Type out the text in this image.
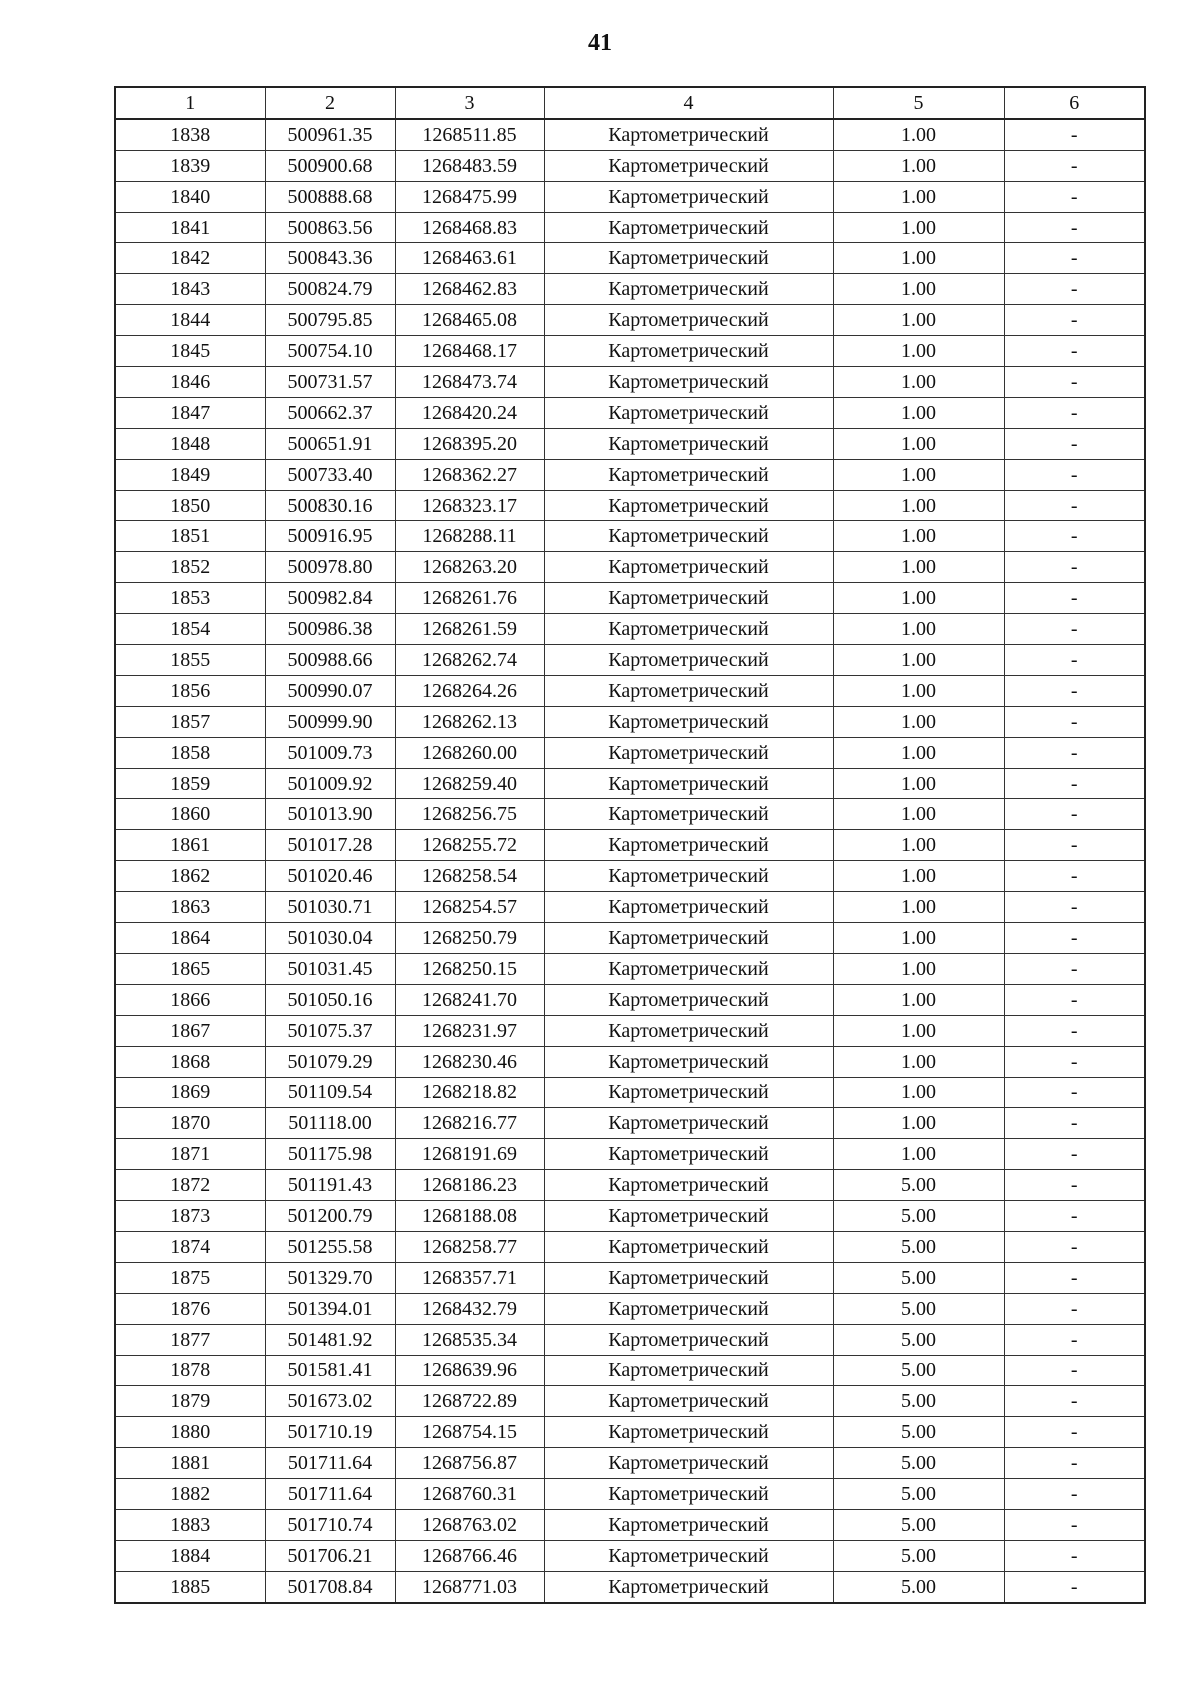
41
1	2	3	4	5	6
1838	500961.35	1268511.85	Картометрический	1.00	-
1839	500900.68	1268483.59	Картометрический	1.00	-
1840	500888.68	1268475.99	Картометрический	1.00	-
1841	500863.56	1268468.83	Картометрический	1.00	-
1842	500843.36	1268463.61	Картометрический	1.00	-
1843	500824.79	1268462.83	Картометрический	1.00	-
1844	500795.85	1268465.08	Картометрический	1.00	-
1845	500754.10	1268468.17	Картометрический	1.00	-
1846	500731.57	1268473.74	Картометрический	1.00	-
1847	500662.37	1268420.24	Картометрический	1.00	-
1848	500651.91	1268395.20	Картометрический	1.00	-
1849	500733.40	1268362.27	Картометрический	1.00	-
1850	500830.16	1268323.17	Картометрический	1.00	-
1851	500916.95	1268288.11	Картометрический	1.00	-
1852	500978.80	1268263.20	Картометрический	1.00	-
1853	500982.84	1268261.76	Картометрический	1.00	-
1854	500986.38	1268261.59	Картометрический	1.00	-
1855	500988.66	1268262.74	Картометрический	1.00	-
1856	500990.07	1268264.26	Картометрический	1.00	-
1857	500999.90	1268262.13	Картометрический	1.00	-
1858	501009.73	1268260.00	Картометрический	1.00	-
1859	501009.92	1268259.40	Картометрический	1.00	-
1860	501013.90	1268256.75	Картометрический	1.00	-
1861	501017.28	1268255.72	Картометрический	1.00	-
1862	501020.46	1268258.54	Картометрический	1.00	-
1863	501030.71	1268254.57	Картометрический	1.00	-
1864	501030.04	1268250.79	Картометрический	1.00	-
1865	501031.45	1268250.15	Картометрический	1.00	-
1866	501050.16	1268241.70	Картометрический	1.00	-
1867	501075.37	1268231.97	Картометрический	1.00	-
1868	501079.29	1268230.46	Картометрический	1.00	-
1869	501109.54	1268218.82	Картометрический	1.00	-
1870	501118.00	1268216.77	Картометрический	1.00	-
1871	501175.98	1268191.69	Картометрический	1.00	-
1872	501191.43	1268186.23	Картометрический	5.00	-
1873	501200.79	1268188.08	Картометрический	5.00	-
1874	501255.58	1268258.77	Картометрический	5.00	-
1875	501329.70	1268357.71	Картометрический	5.00	-
1876	501394.01	1268432.79	Картометрический	5.00	-
1877	501481.92	1268535.34	Картометрический	5.00	-
1878	501581.41	1268639.96	Картометрический	5.00	-
1879	501673.02	1268722.89	Картометрический	5.00	-
1880	501710.19	1268754.15	Картометрический	5.00	-
1881	501711.64	1268756.87	Картометрический	5.00	-
1882	501711.64	1268760.31	Картометрический	5.00	-
1883	501710.74	1268763.02	Картометрический	5.00	-
1884	501706.21	1268766.46	Картометрический	5.00	-
1885	501708.84	1268771.03	Картометрический	5.00	-
